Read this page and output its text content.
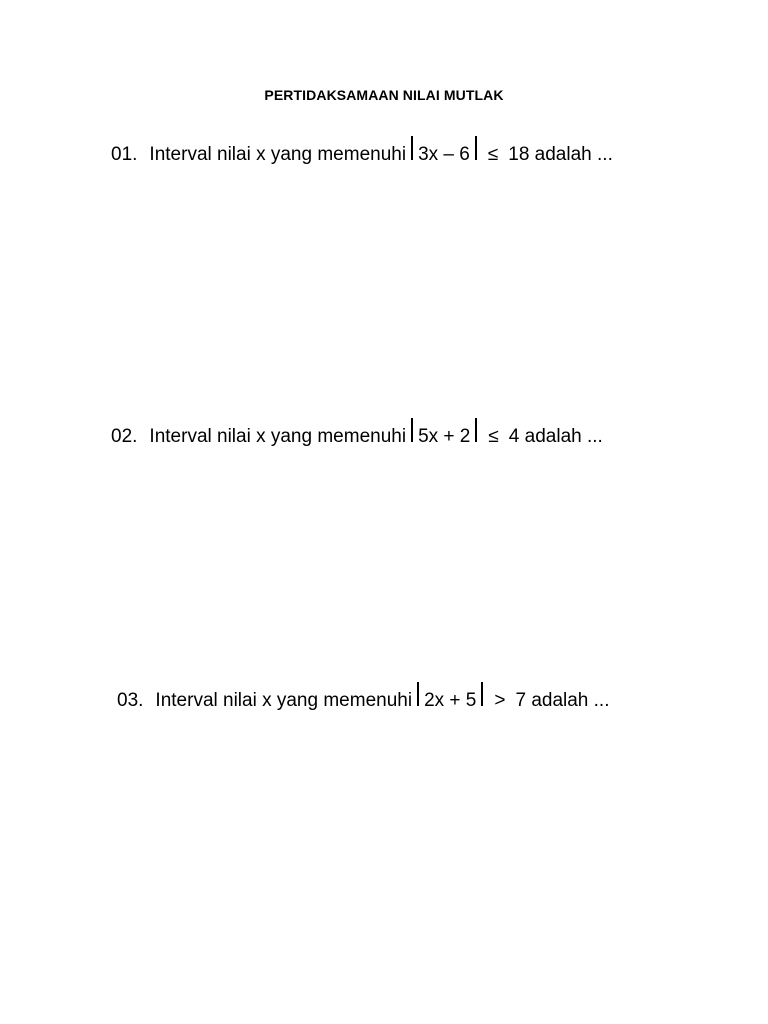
PERTIDAKSAMAAN NILAI MUTLAK
01. Interval nilai x yang memenuhi 3x – 6 ≤ 18 adalah ...
02. Interval nilai x yang memenuhi 5x + 2 ≤ 4 adalah ...
03. Interval nilai x yang memenuhi 2x + 5 > 7 adalah ...
